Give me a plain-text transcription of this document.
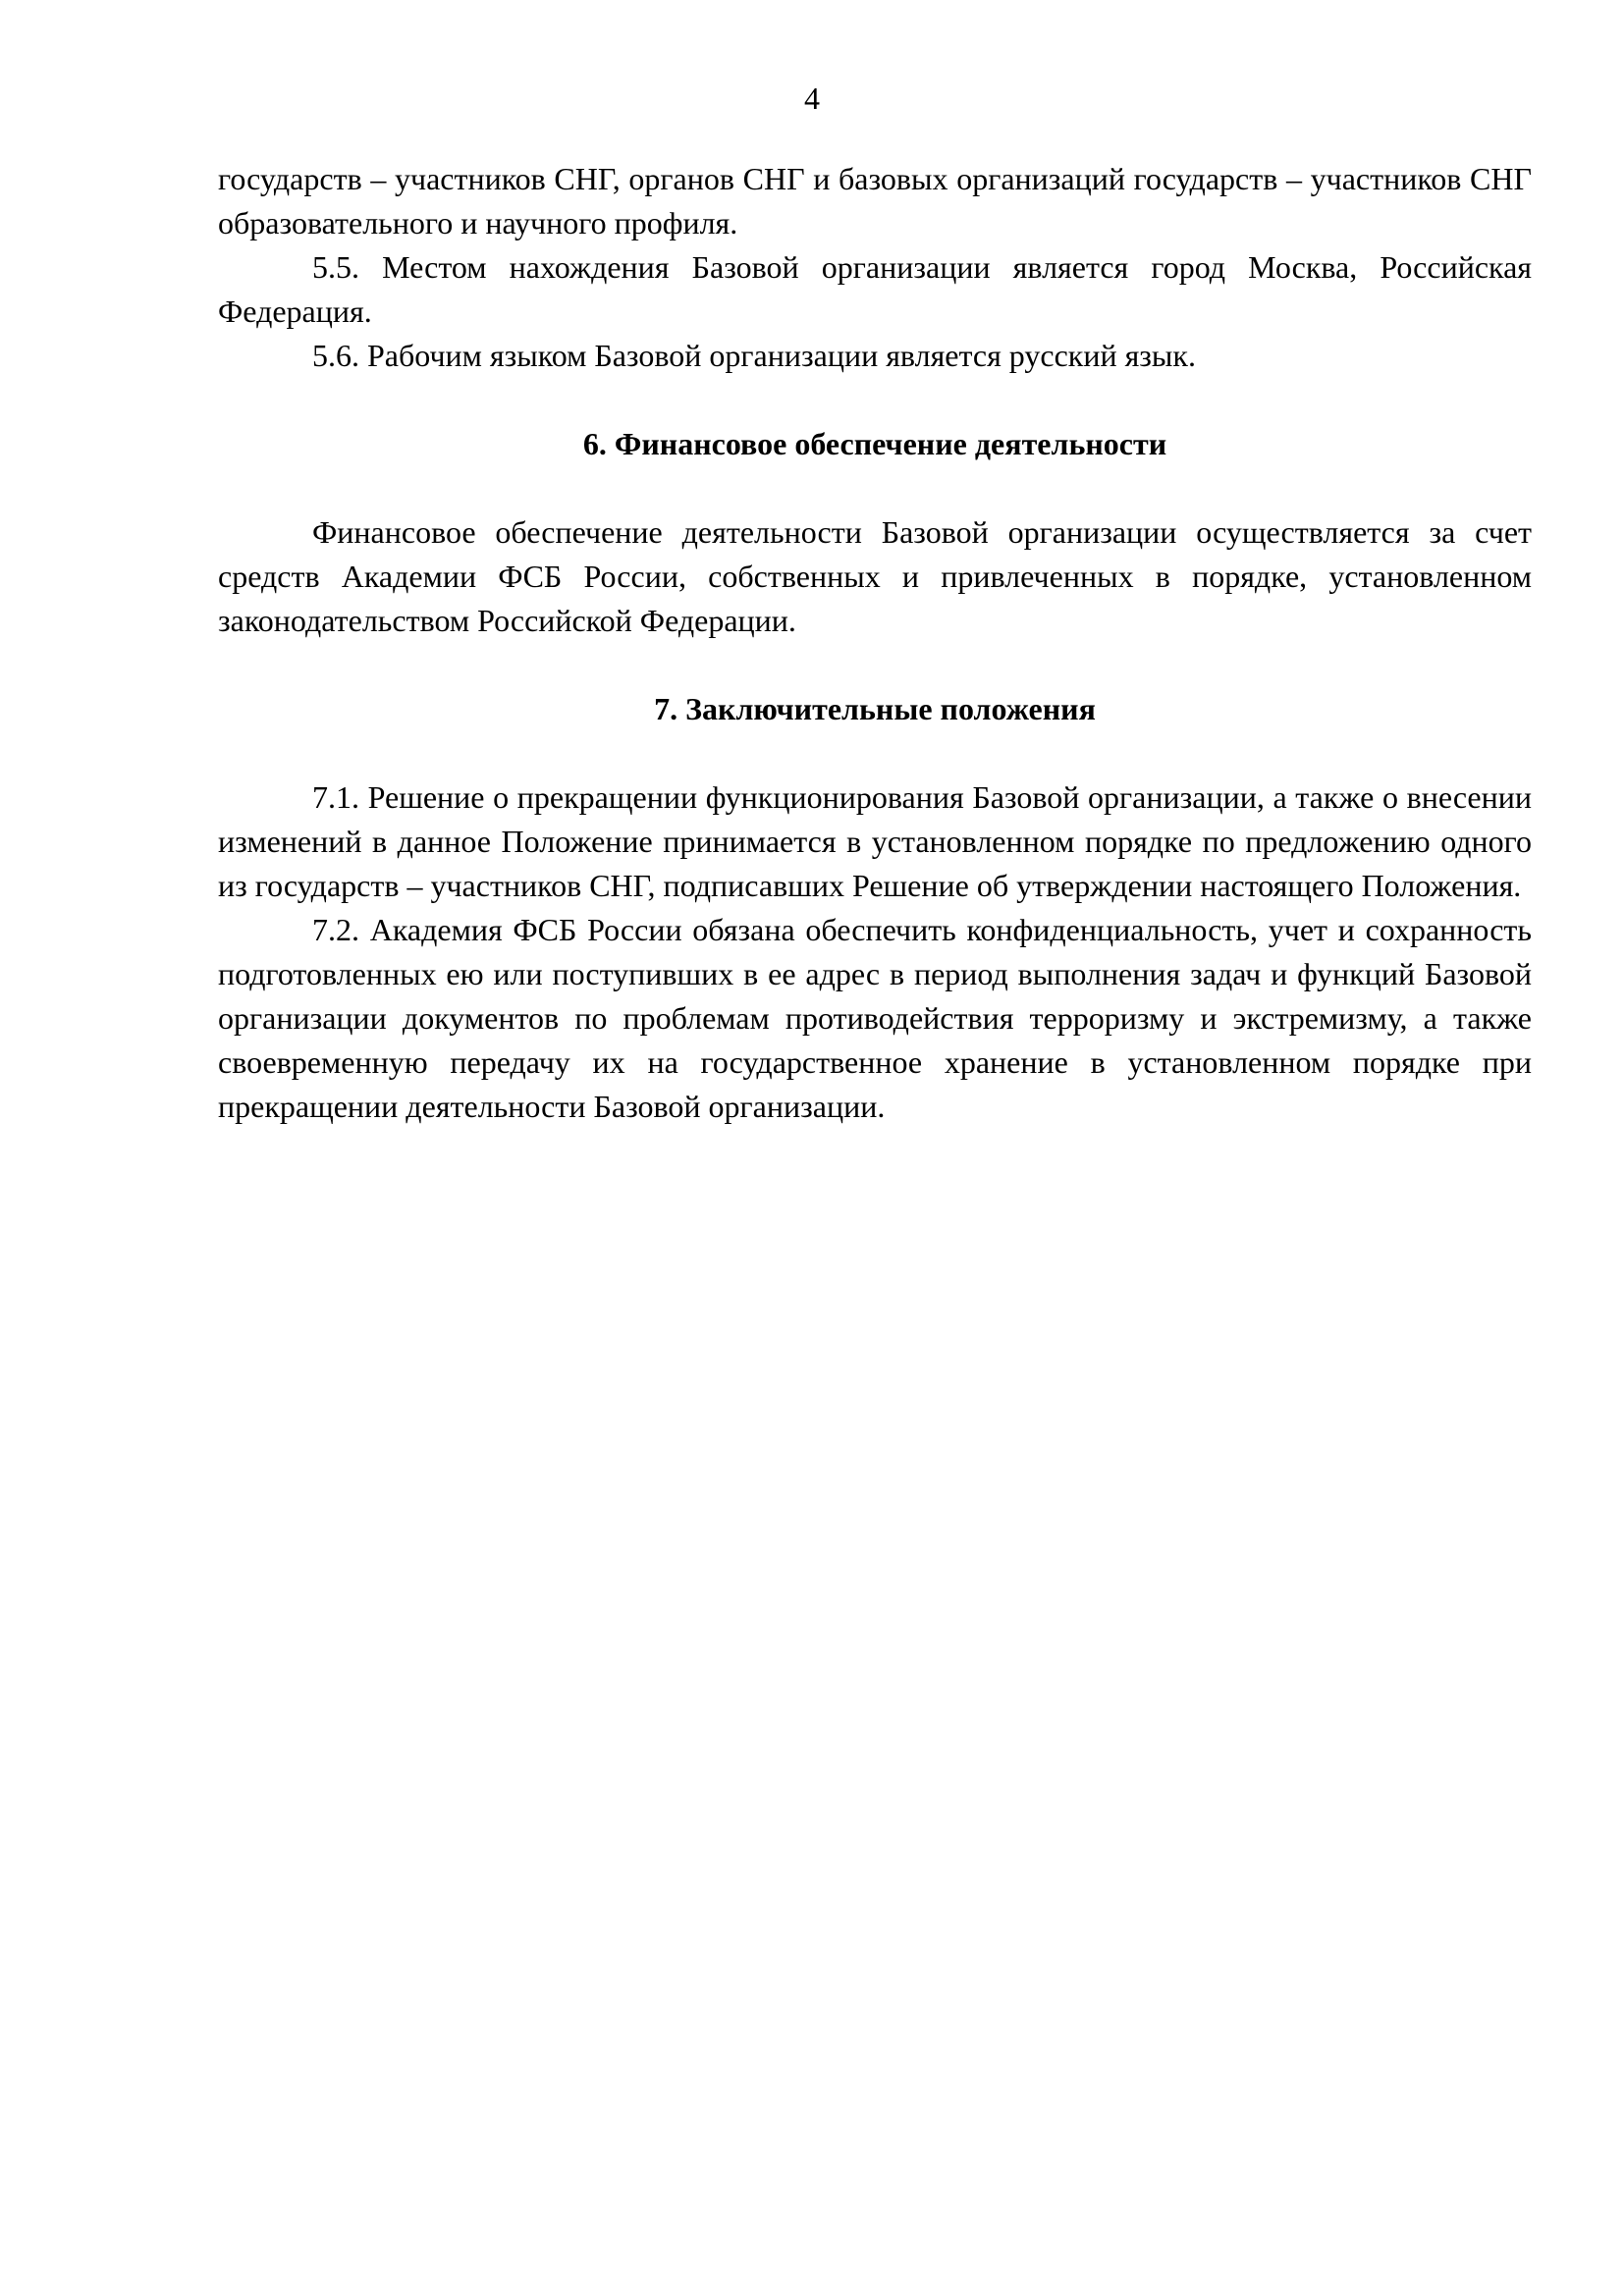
4

государств – участников СНГ, органов СНГ и базовых организаций государств – участников СНГ образовательного и научного профиля.

5.5. Местом нахождения Базовой организации является город Москва, Российская Федерация.

5.6. Рабочим языком Базовой организации является русский язык.

6. Финансовое обеспечение деятельности

Финансовое обеспечение деятельности Базовой организации осуществляется за счет средств Академии ФСБ России, собственных и привлеченных в порядке, установленном законодательством Российской Федерации.

7. Заключительные положения

7.1. Решение о прекращении функционирования Базовой организации, а также о внесении изменений в данное Положение принимается в установленном порядке по предложению одного из государств – участников СНГ, подписавших Решение об утверждении настоящего Положения.

7.2. Академия ФСБ России обязана обеспечить конфиденциальность, учет и сохранность подготовленных ею или поступивших в ее адрес в период выполнения задач и функций Базовой организации документов по проблемам противодействия терроризму и экстремизму, а также своевременную передачу их на государственное хранение в установленном порядке при прекращении деятельности Базовой организации.
